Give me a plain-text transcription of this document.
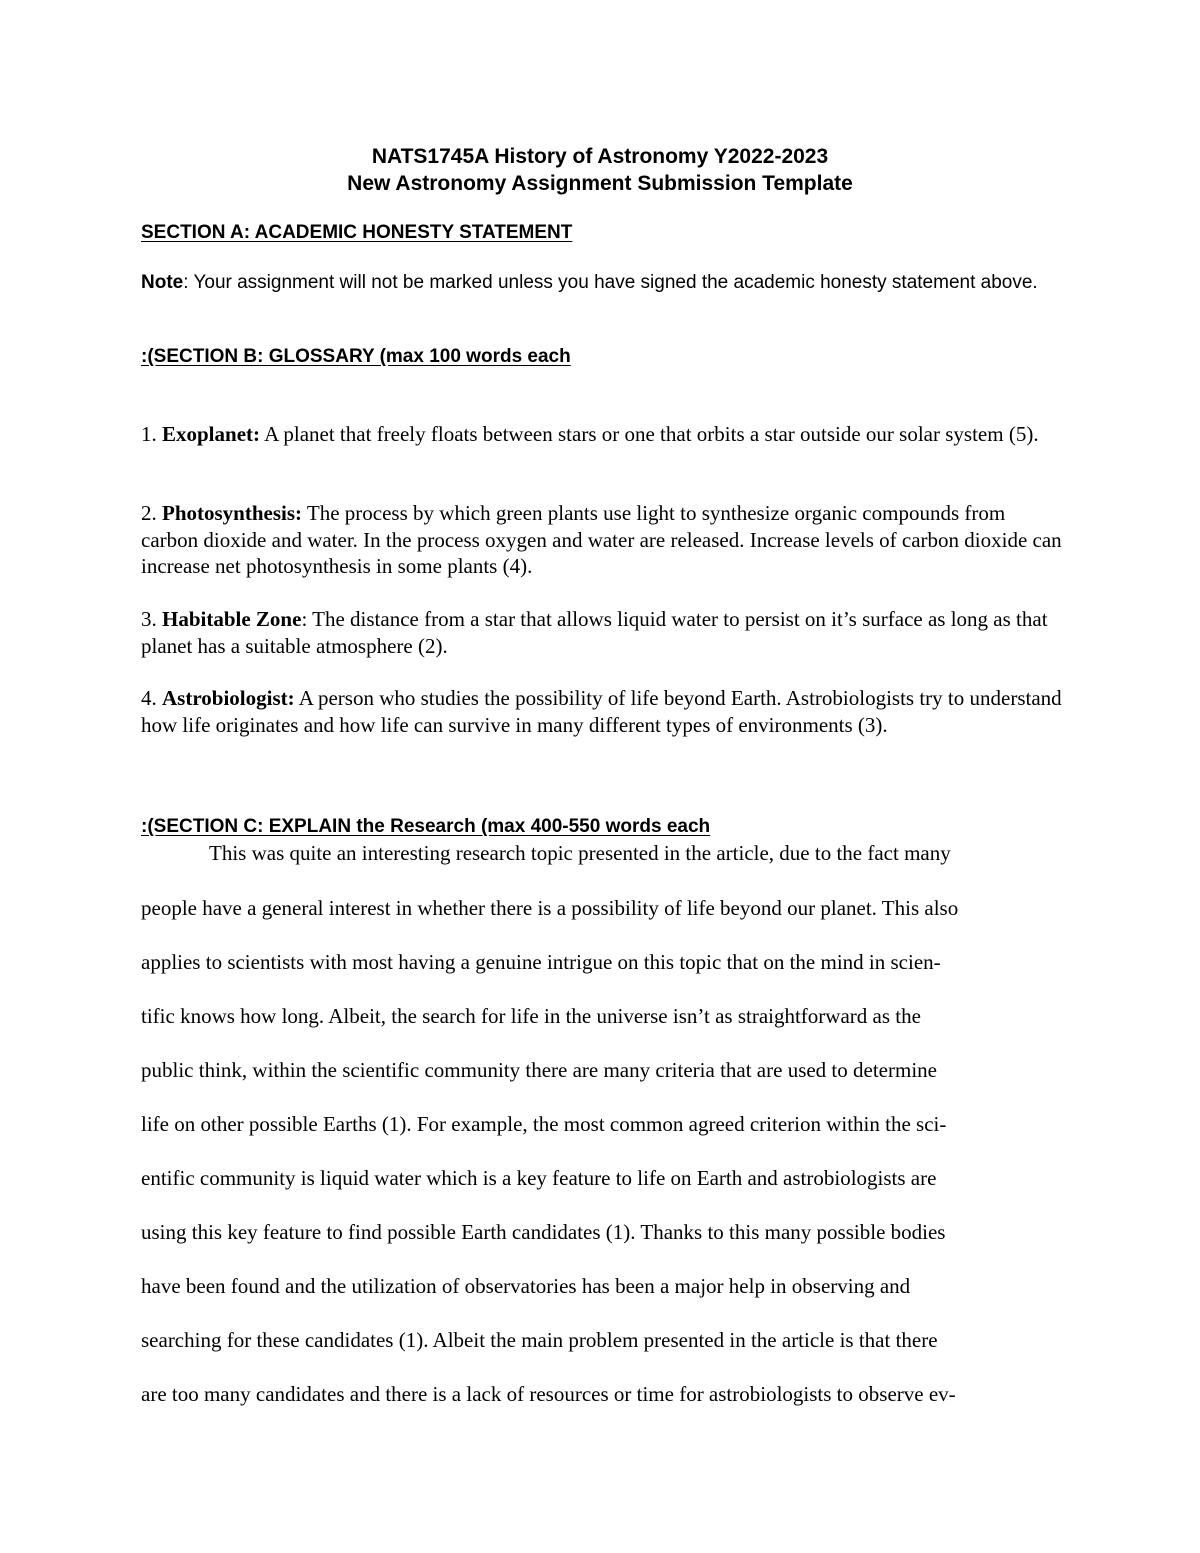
NATS1745A History of Astronomy Y2022-2023
New Astronomy Assignment Submission Template
SECTION A: ACADEMIC HONESTY STATEMENT
Note: Your assignment will not be marked unless you have signed the academic honesty statement above.
:(SECTION B: GLOSSARY (max 100 words each
1. Exoplanet: A planet that freely floats between stars or one that orbits a star outside our solar system (5).
2. Photosynthesis: The process by which green plants use light to synthesize organic compounds from carbon dioxide and water. In the process oxygen and water are released. Increase levels of carbon dioxide can increase net photosynthesis in some plants (4).
3. Habitable Zone: The distance from a star that allows liquid water to persist on it’s surface as long as that planet has a suitable atmosphere (2).
4. Astrobiologist: A person who studies the possibility of life beyond Earth. Astrobiologists try to understand how life originates and how life can survive in many different types of environments (3).
:(SECTION C: EXPLAIN the Research (max 400-550 words each
This was quite an interesting research topic presented in the article, due to the fact many
people have a general interest in whether there is a possibility of life beyond our planet. This also
applies to scientists with most having a genuine intrigue on this topic that on the mind in scien-
tific knows how long. Albeit, the search for life in the universe isn’t as straightforward as the
public think, within the scientific community there are many criteria that are used to determine
life on other possible Earths (1). For example, the most common agreed criterion within the sci-
entific community is liquid water which is a key feature to life on Earth and astrobiologists are
using this key feature to find possible Earth candidates (1). Thanks to this many possible bodies
have been found and the utilization of observatories has been a major help in observing and
searching for these candidates (1). Albeit the main problem presented in the article is that there
are too many candidates and there is a lack of resources or time for astrobiologists to observe ev-
